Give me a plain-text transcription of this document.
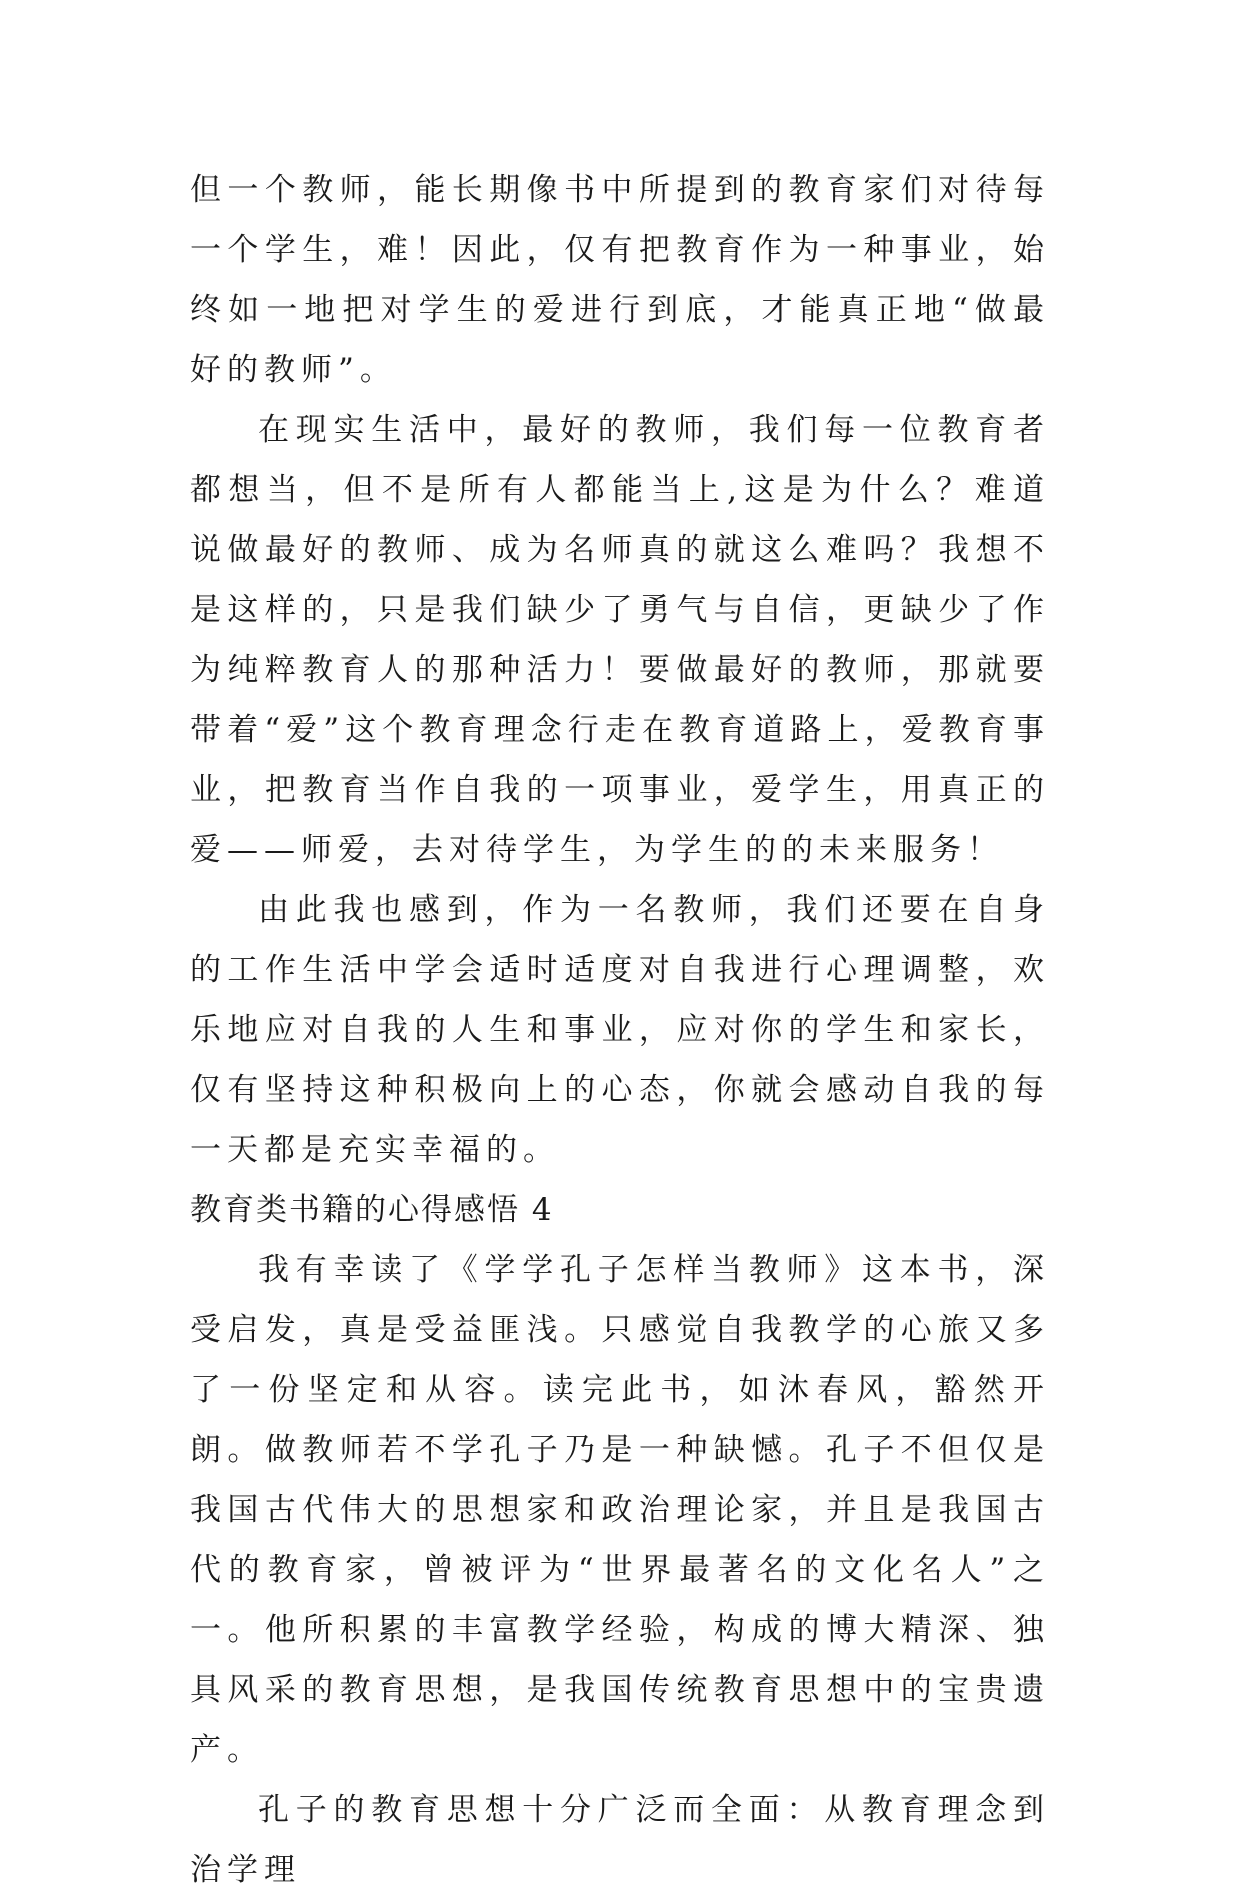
但一个教师，能长期像书中所提到的教育家们对待每一个学生，难！因此，仅有把教育作为一种事业，始终如一地把对学生的爱进行到底，才能真正地“做最好的教师”。

在现实生活中，最好的教师，我们每一位教育者都想当，但不是所有人都能当上,这是为什么？难道说做最好的教师、成为名师真的就这么难吗？我想不是这样的，只是我们缺少了勇气与自信，更缺少了作为纯粹教育人的那种活力！要做最好的教师，那就要带着“爱”这个教育理念行走在教育道路上，爱教育事业，把教育当作自我的一项事业，爱学生，用真正的爱——师爱，去对待学生，为学生的的未来服务！

由此我也感到，作为一名教师，我们还要在自身的工作生活中学会适时适度对自我进行心理调整，欢乐地应对自我的人生和事业，应对你的学生和家长，仅有坚持这种积极向上的心态，你就会感动自我的每一天都是充实幸福的。

教育类书籍的心得感悟 4

我有幸读了《学学孔子怎样当教师》这本书，深受启发，真是受益匪浅。只感觉自我教学的心旅又多了一份坚定和从容。读完此书，如沐春风，豁然开朗。做教师若不学孔子乃是一种缺憾。孔子不但仅是我国古代伟大的思想家和政治理论家，并且是我国古代的教育家，曾被评为“世界最著名的文化名人”之一。他所积累的丰富教学经验，构成的博大精深、独具风采的教育思想，是我国传统教育思想中的宝贵遗产。

孔子的教育思想十分广泛而全面：从教育理念到治学理
